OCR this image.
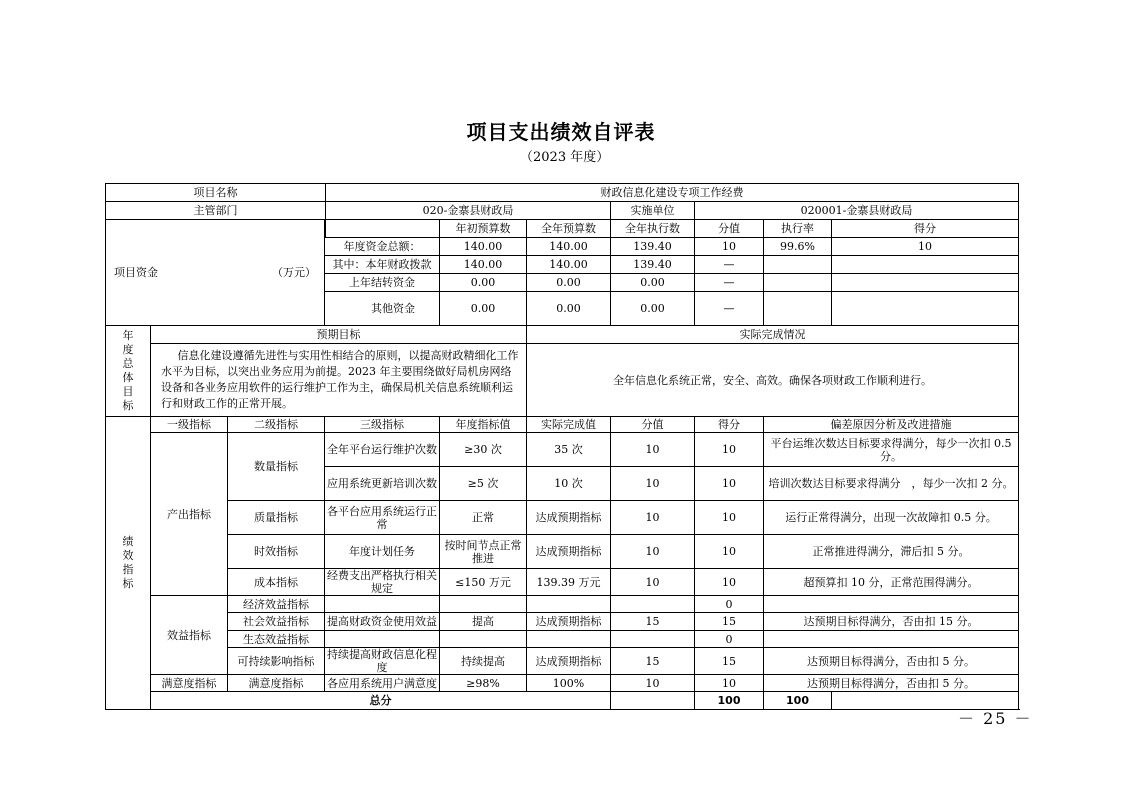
项目支出绩效自评表
（2023 年度）
项目名称			财政信息化建设专项工作经费						
主管部门			020-金寨县财政局			实施单位	020001-金寨县财政局		

项目资金 （万元）				年初预算数	全年预算数	全年执行数	分值	执行率	得分
			年度资金总额：	140.00	140.00	139.40	10	99.6%	10
			其中：本年财政拨款	140.00	140.00	139.40	—		
			上年结转资金	0.00	0.00	0.00	—		

			其他资金	0.00	0.00	0.00	—		

年度总体目标	预期目标				实际完成情况				
	信息化建设遵循先进性与实用性相结合的原则，以提高财政精细化工作水平为目标，以突出业务应用为前提。2023 年主要围绕做好局机房网络设备和各业务应用软件的运行维护工作为主，确保局机关信息系统顺利运行和财政工作的正常开展。				全年信息化系统正常，安全、高效。确保各项财政工作顺利进行。				
绩效指标	一级指标	二级指标	三级指标	年度指标值	实际完成值	分值	得分	偏差原因分析及改进措施	
	产出指标	数量指标	全年平台运行维护次数	≥30 次	35 次	10	10	平台运维次数达目标要求得满分，每少一次扣 0.5 分。	
			应用系统更新培训次数	≥5 次	10 次	10	10	培训次数达目标要求得满分　，每少一次扣 2 分。	
		质量指标	各平台应用系统运行正常	正常	达成预期指标	10	10	运行正常得满分，出现一次故障扣 0.5 分。	
		时效指标	年度计划任务	按时间节点正常推进	达成预期指标	10	10	正常推进得满分，滞后扣 5 分。	
		成本指标	经费支出严格执行相关规定	≤150 万元	139.39 万元	10	10	超预算扣 10 分，正常范围得满分。	
	效益指标	经济效益指标					0		
		社会效益指标	提高财政资金使用效益	提高	达成预期指标	15	15	达预期目标得满分，否由扣 15 分。	
		生态效益指标					0		
		可持续影响指标	持续提高财政信息化程度	持续提高	达成预期指标	15	15	达预期目标得满分，否由扣 5 分。	
	满意度指标	满意度指标	各应用系统用户满意度	≥98%	100%	10	10	达预期目标得满分，否由扣 5 分。	
	总分						100	100	
－ 25 －
